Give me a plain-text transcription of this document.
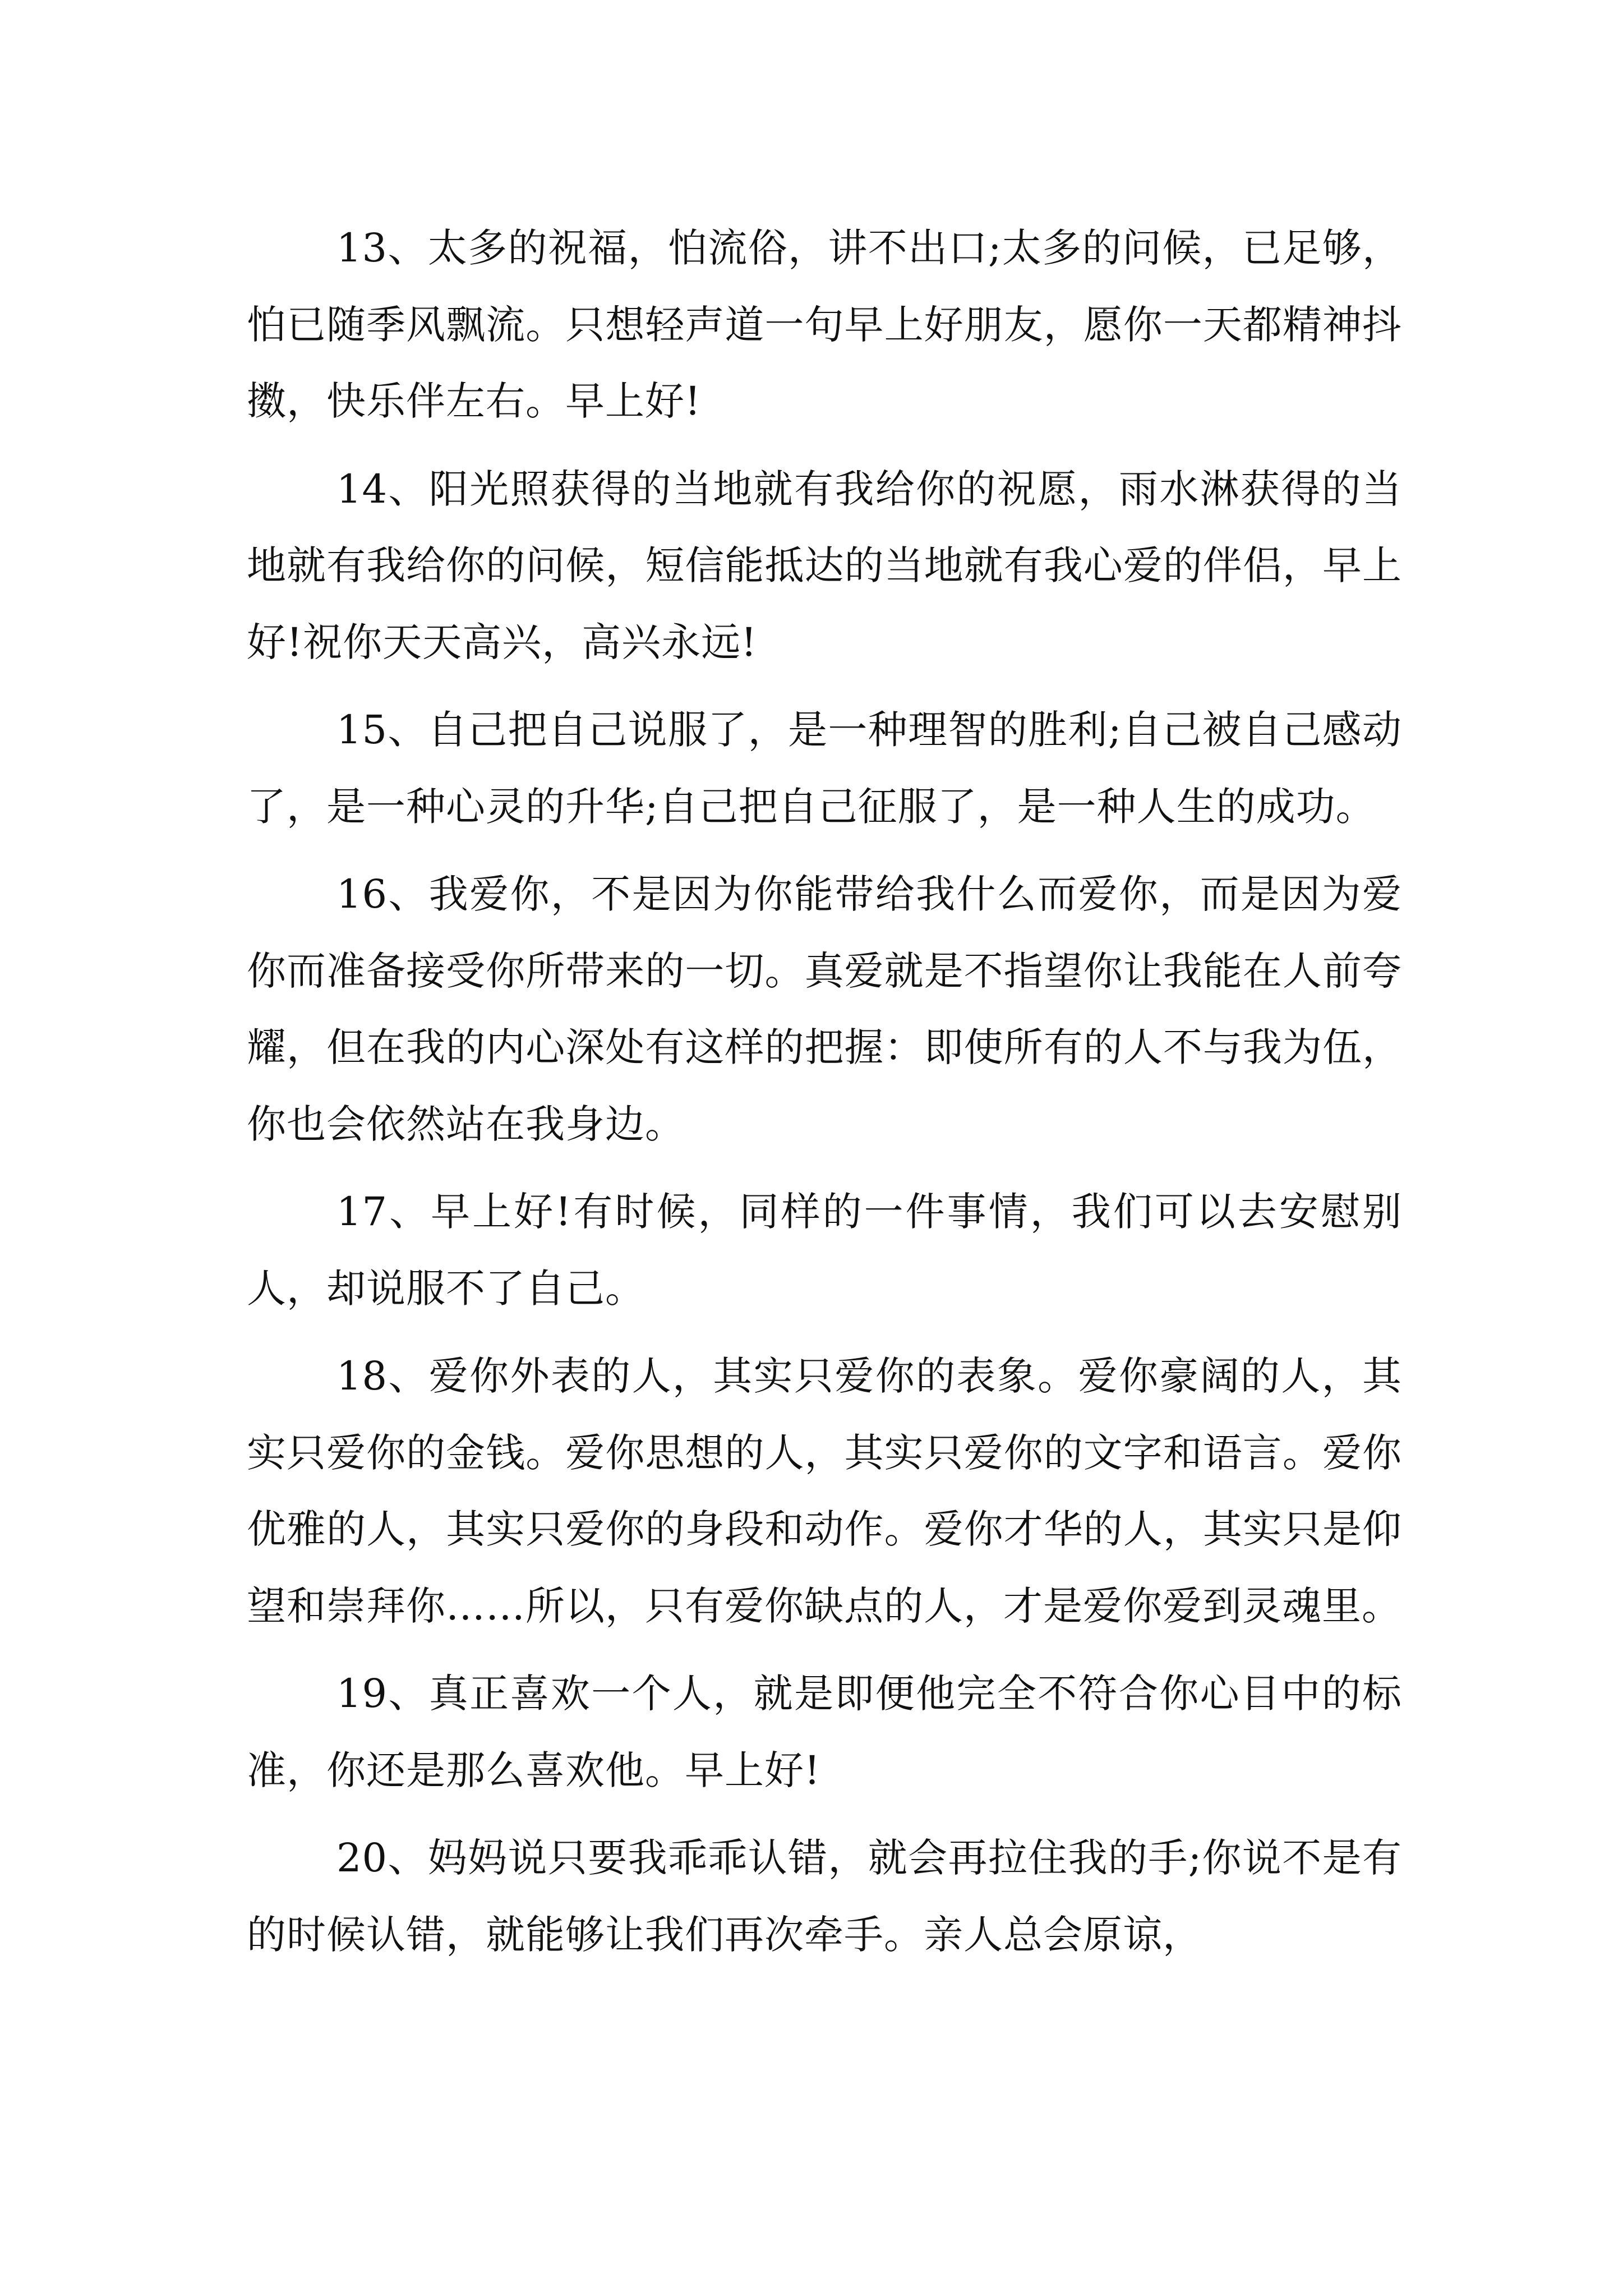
13、太多的祝福，怕流俗，讲不出口;太多的问候，已足够，怕已随季风飘流。只想轻声道一句早上好朋友，愿你一天都精神抖擞，快乐伴左右。早上好!

14、阳光照获得的当地就有我给你的祝愿，雨水淋获得的当地就有我给你的问候，短信能抵达的当地就有我心爱的伴侣，早上好!祝你天天高兴，高兴永远!

15、自己把自己说服了，是一种理智的胜利;自己被自己感动了，是一种心灵的升华;自己把自己征服了，是一种人生的成功。

16、我爱你，不是因为你能带给我什么而爱你，而是因为爱你而准备接受你所带来的一切。真爱就是不指望你让我能在人前夸耀，但在我的内心深处有这样的把握：即使所有的人不与我为伍，你也会依然站在我身边。

17、早上好!有时候，同样的一件事情，我们可以去安慰别人，却说服不了自己。

18、爱你外表的人，其实只爱你的表象。爱你豪阔的人，其实只爱你的金钱。爱你思想的人，其实只爱你的文字和语言。爱你优雅的人，其实只爱你的身段和动作。爱你才华的人，其实只是仰望和崇拜你……所以，只有爱你缺点的人，才是爱你爱到灵魂里。

19、真正喜欢一个人，就是即便他完全不符合你心目中的标准，你还是那么喜欢他。早上好!

20、妈妈说只要我乖乖认错，就会再拉住我的手;你说不是有的时候认错，就能够让我们再次牵手。亲人总会原谅，
